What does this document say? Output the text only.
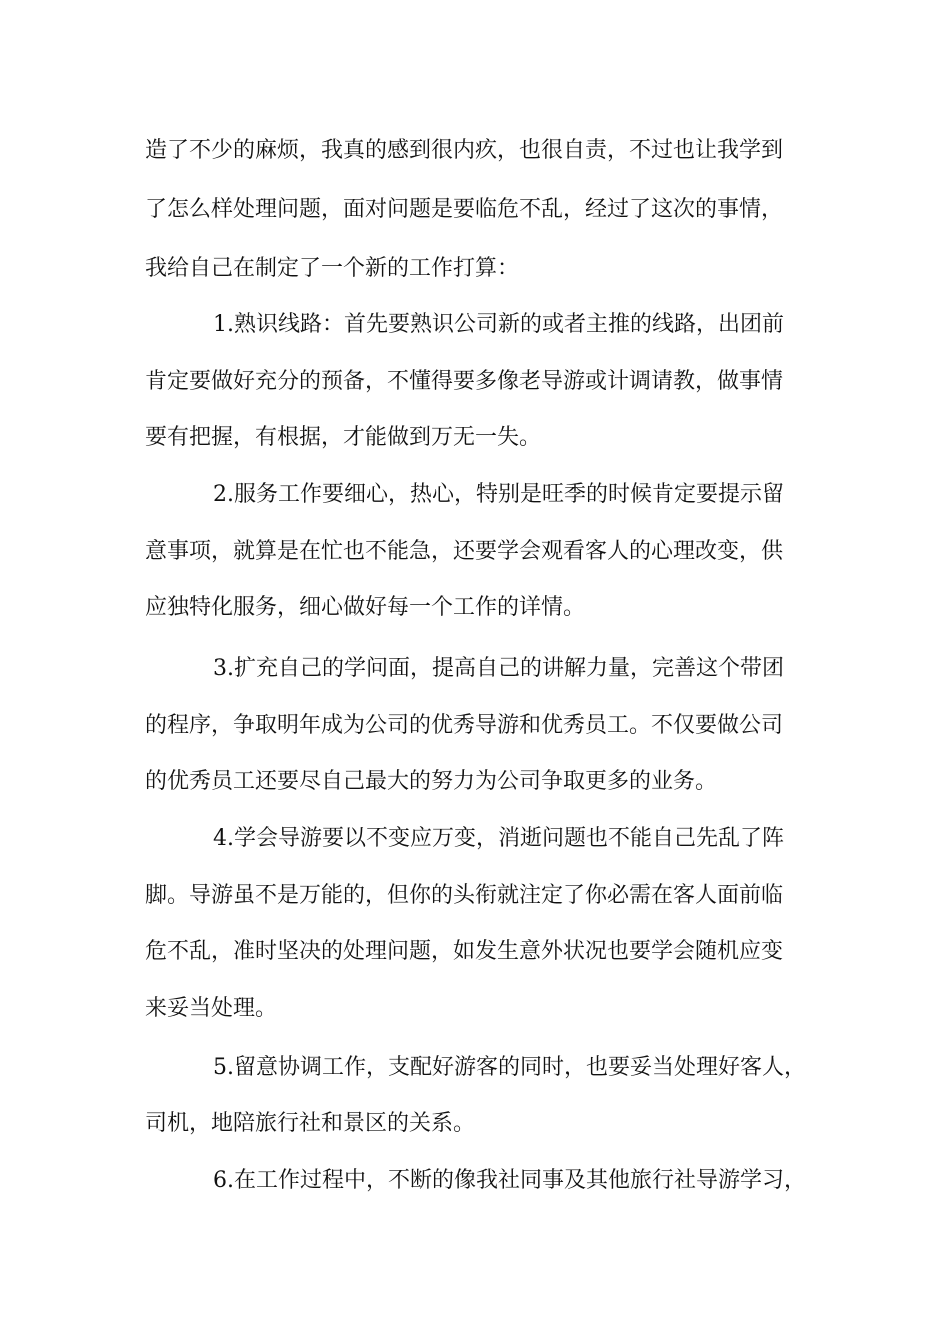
造了不少的麻烦，我真的感到很内疚，也很自责，不过也让我学到
了怎么样处理问题，面对问题是要临危不乱，经过了这次的事情，
我给自己在制定了一个新的工作打算：
1.熟识线路：首先要熟识公司新的或者主推的线路，出团前
肯定要做好充分的预备，不懂得要多像老导游或计调请教，做事情
要有把握，有根据，才能做到万无一失。
2.服务工作要细心，热心，特别是旺季的时候肯定要提示留
意事项，就算是在忙也不能急，还要学会观看客人的心理改变，供
应独特化服务，细心做好每一个工作的详情。
3.扩充自己的学问面，提高自己的讲解力量，完善这个带团
的程序，争取明年成为公司的优秀导游和优秀员工。不仅要做公司
的优秀员工还要尽自己最大的努力为公司争取更多的业务。
4.学会导游要以不变应万变，消逝问题也不能自己先乱了阵
脚。导游虽不是万能的，但你的头衔就注定了你必需在客人面前临
危不乱，准时坚决的处理问题，如发生意外状况也要学会随机应变
来妥当处理。
5.留意协调工作，支配好游客的同时，也要妥当处理好客人，
司机，地陪旅行社和景区的关系。
6.在工作过程中，不断的像我社同事及其他旅行社导游学习，
